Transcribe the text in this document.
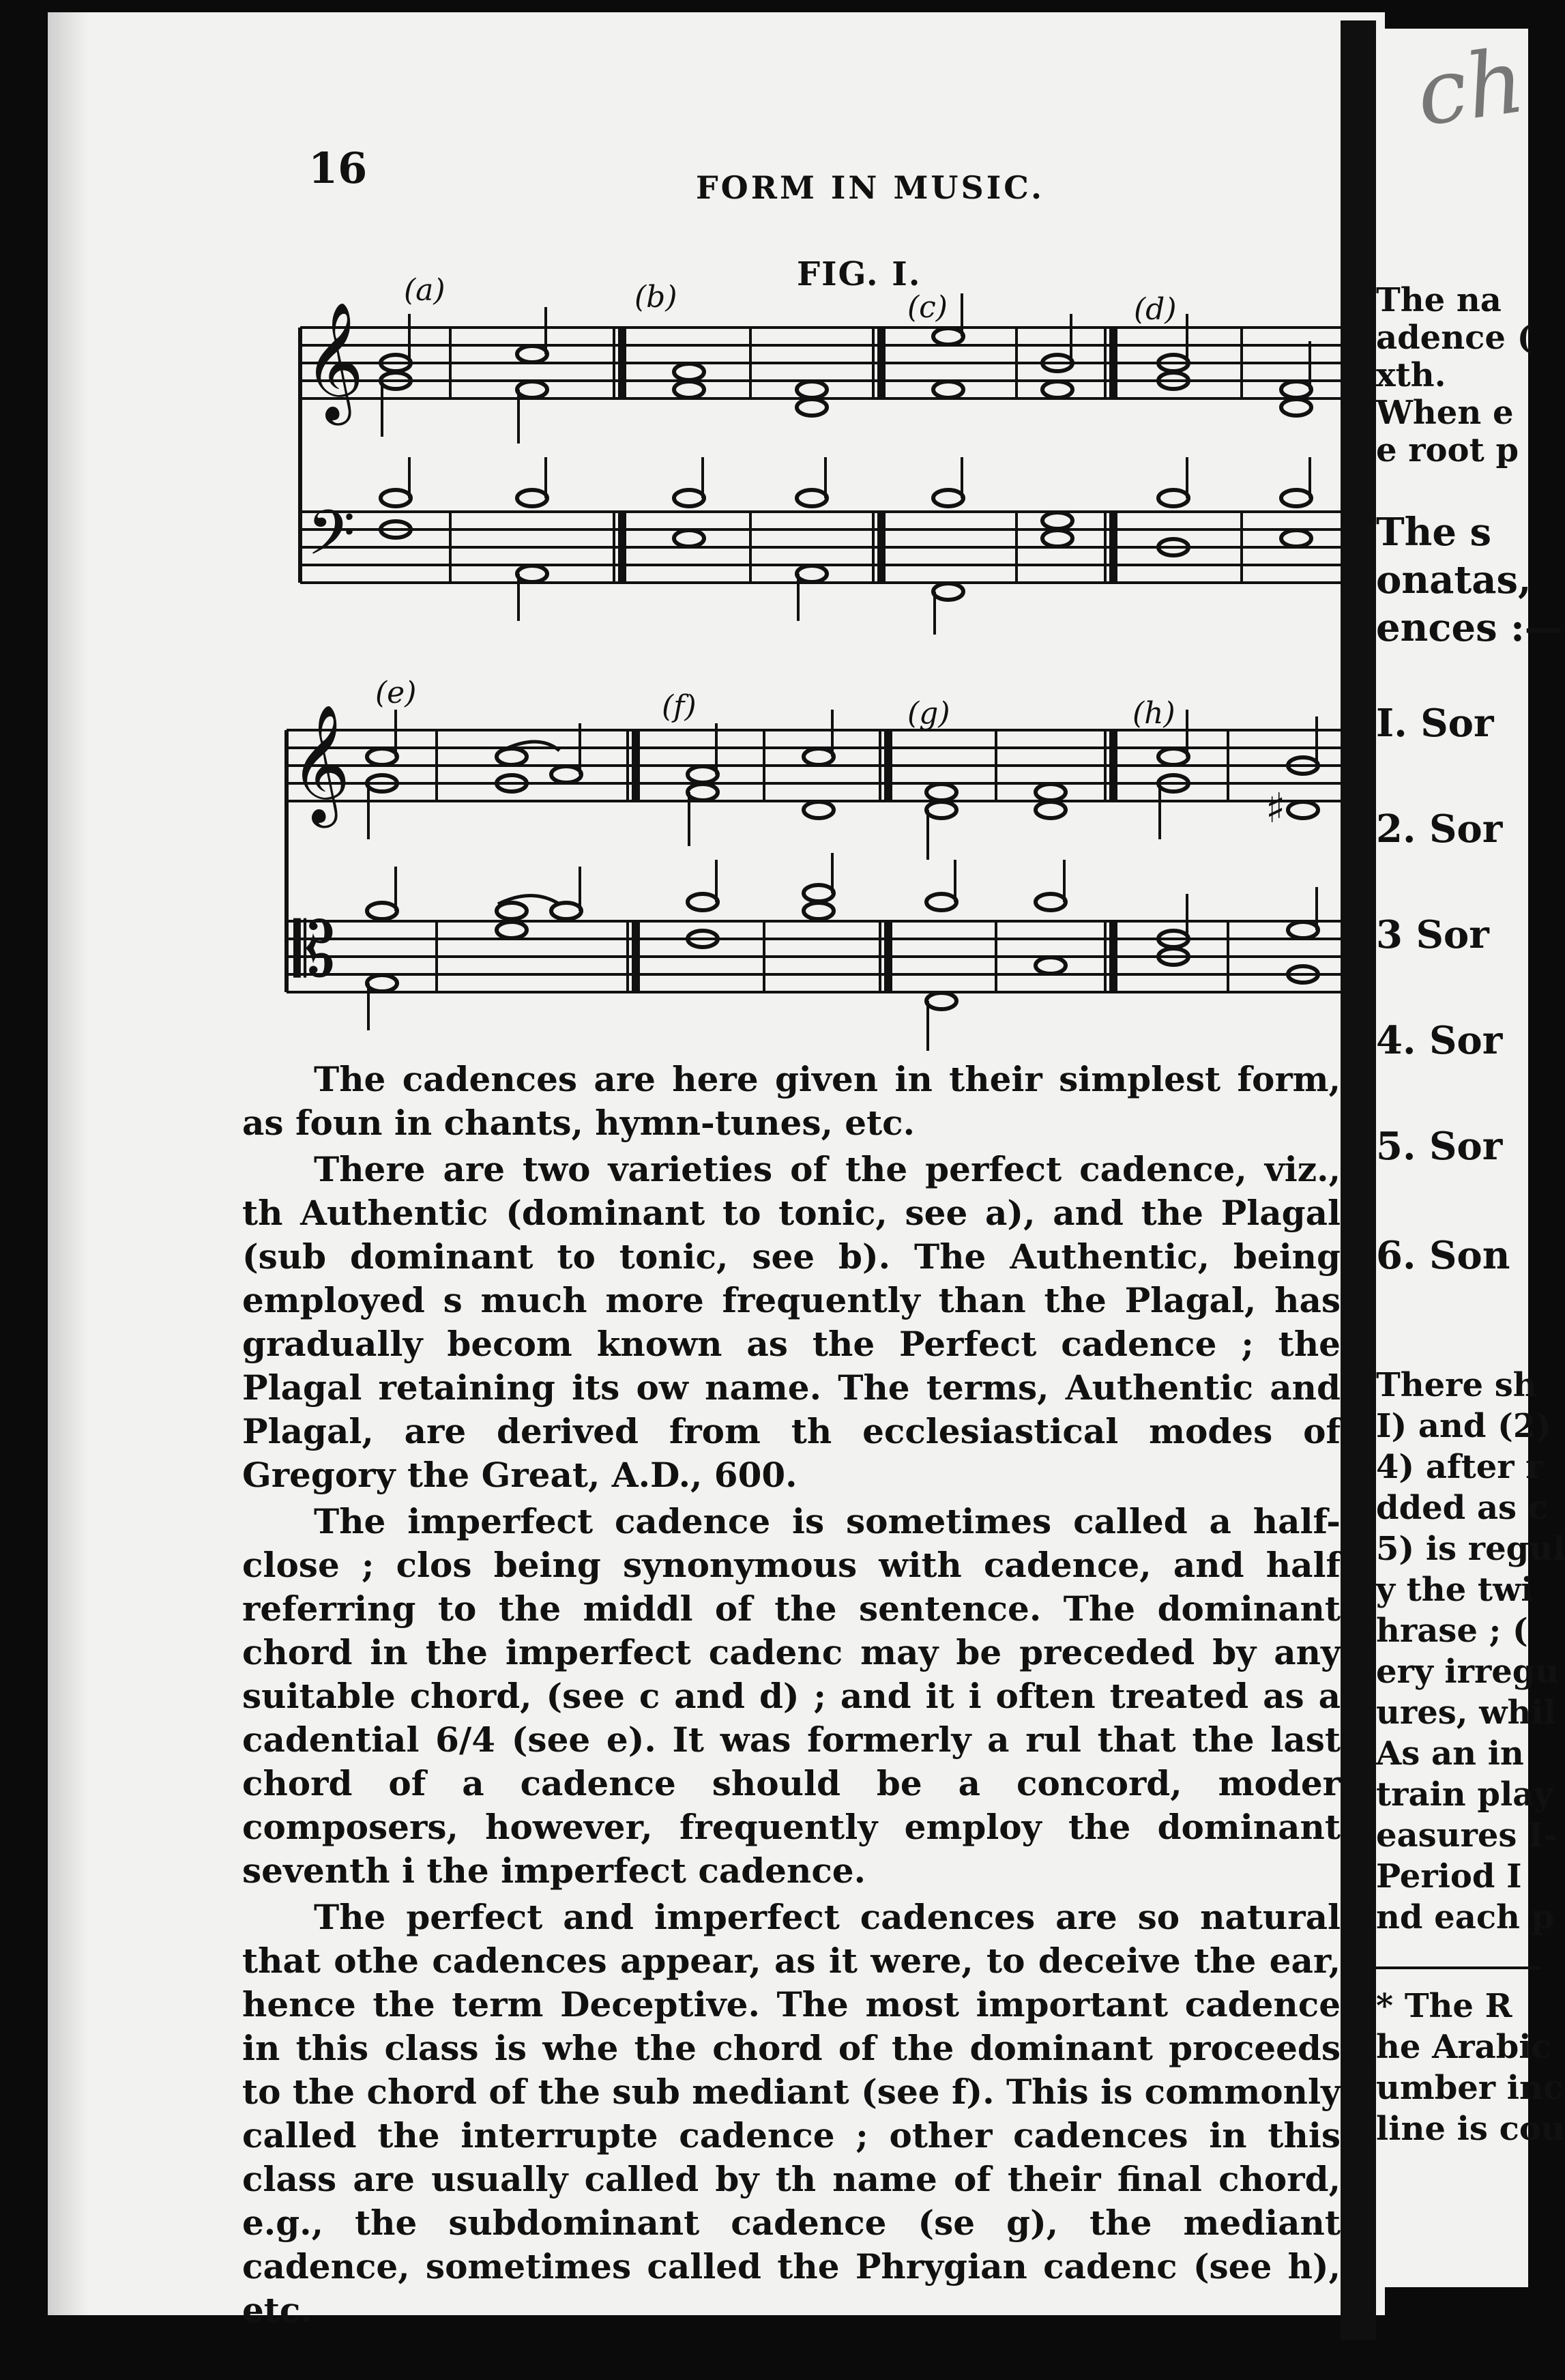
16	FORM IN MUSIC.
FIG. I.
𝄞
𝄢
(a)	(b)	(c)	(d)
𝄞
𝄡
(e)	(f)	(g)	(h)
♯

The cadences are here given in their simplest form, as foun in chants, hymn-tunes, etc.

There are two varieties of the perfect cadence, viz., th Authentic (dominant to tonic, see a), and the Plagal (sub dominant to tonic, see b). The Authentic, being employed s much more frequently than the Plagal, has gradually becom known as the Perfect cadence ; the Plagal retaining its ow name. The terms, Authentic and Plagal, are derived from th ecclesiastical modes of Gregory the Great, A.D., 600.

The imperfect cadence is sometimes called a half-close ; clos being synonymous with cadence, and half referring to the middl of the sentence. The dominant chord in the imperfect cadenc may be preceded by any suitable chord, (see c and d) ; and it i often treated as a cadential 6/4 (see e). It was formerly a rul that the last chord of a cadence should be a concord, moder composers, however, frequently employ the dominant seventh i the imperfect cadence.

The perfect and imperfect cadences are so natural that othe cadences appear, as it were, to deceive the ear, hence the term Deceptive. The most important cadence in this class is whe the chord of the dominant proceeds to the chord of the sub mediant (see f). This is commonly called the interrupte cadence ; other cadences in this class are usually called by th name of their final chord, e.g., the subdominant cadence (se g), the mediant cadence, sometimes called the Phrygian cadenc (see h), etc.

ch
The na
adence (
xth.
When e
e root p
The s
onatas,
ences :—
I. Sor
2. Sor
3 Sor
4. Sor
5. Sor
6. Son
There sh
I) and (2)
4) after r
dded as c
5) is regul
y the twi
hrase ; (
ery irregu
ures, whil
As an in
train play
easures I-
Period I
nd each p
* The R
he Arabic
umber inc
line is cou
